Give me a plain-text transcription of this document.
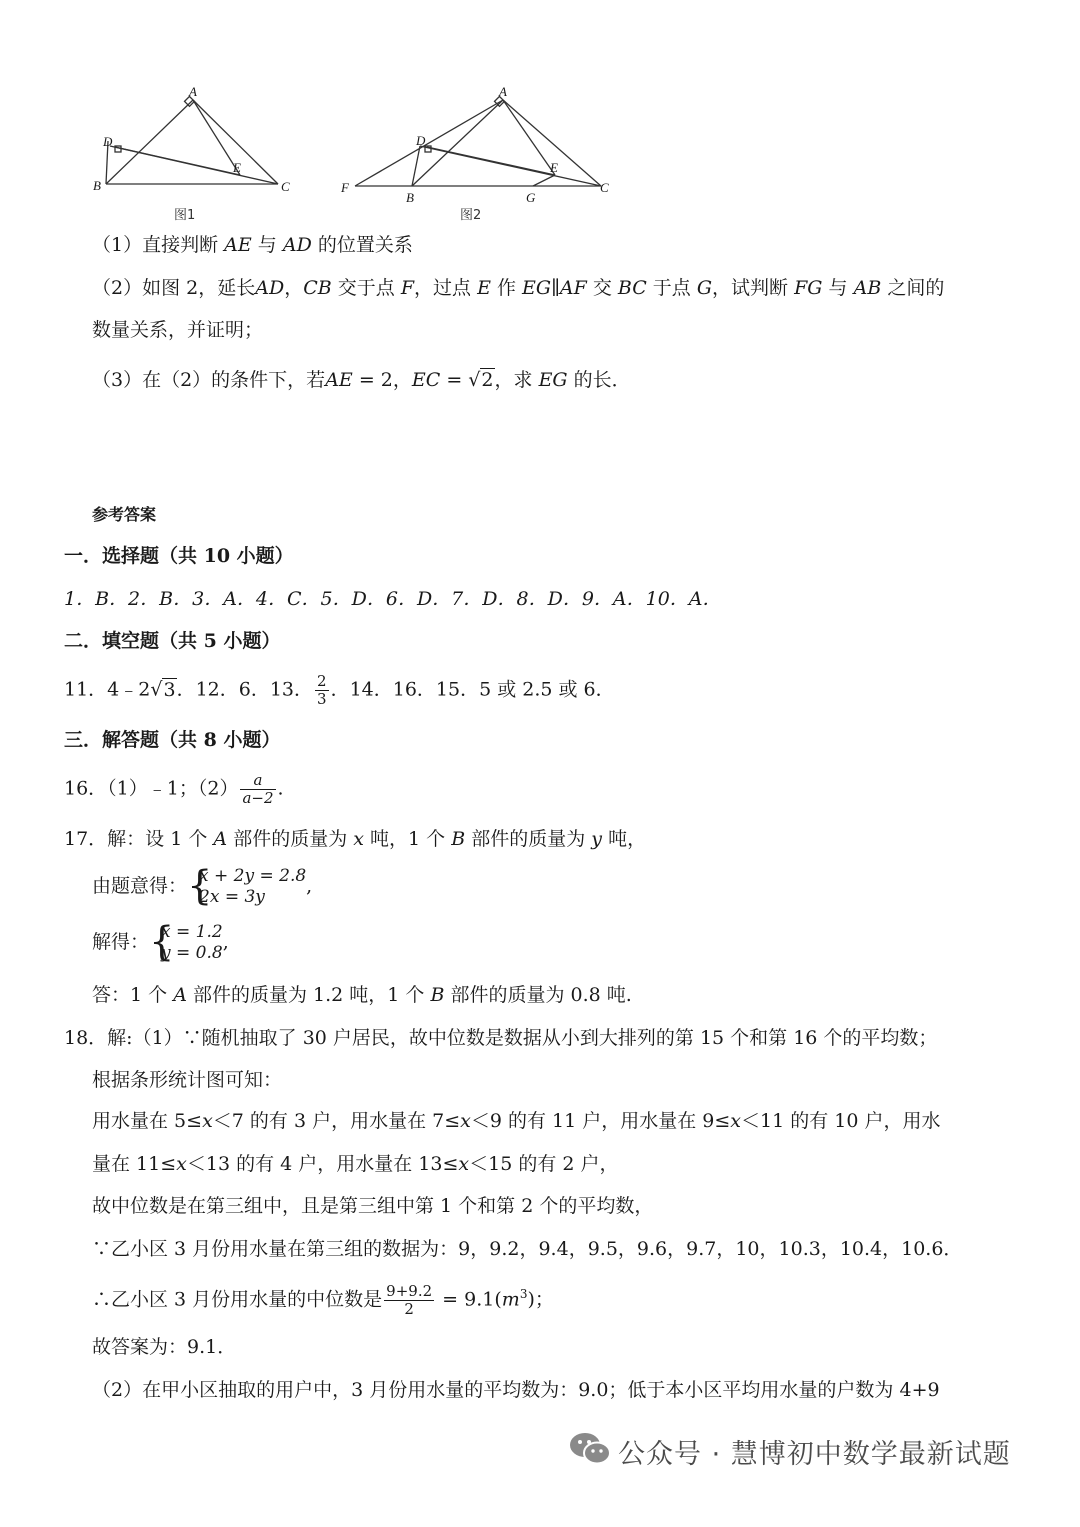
A
D
B
E
C
图1
A
D
F
B	G
E
C
图2
（1）直接判断 AE 与 AD 的位置关系
（2）如图 2，延长AD，CB 交于点 F，过点 E 作 EG∥AF 交 BC 于点 G，试判断 FG 与 AB 之间的
数量关系，并证明；
（3）在（2）的条件下，若AE = 2，EC = √2，求 EG 的长．
参考答案
一．选择题（共 10 小题）
1．B．2．B．3．A．4．C．5．D．6．D．7．D．8．D．9．A．10．A．
二．填空题（共 5 小题）
11．4﹣2√3．12．6．13． $\frac{2}{3}$ ．14．16．15．5 或 2.5 或 6．
三．解答题（共 8 小题）
16．（1）﹣1；$(2) \frac{a}{a-2}$ .
17．解：设 1 个 A 部件的质量为 x 吨，1 个 B 部件的质量为 y 吨，
由题意得： {
x + 2y = 2.8
2x = 3y	,
解得： {
x = 1.2
y = 0.8 ,
答：1 个 A 部件的质量为 1.2 吨，1 个 B 部件的质量为 0.8 吨.
18．解:（1）∵随机抽取了 30 户居民，故中位数是数据从小到大排列的第 15 个和第 16 个的平均数；
根据条形统计图可知：
用水量在 5≤x＜7 的有 3 户，用水量在 7≤x＜9 的有 11 户，用水量在 9≤x＜11 的有 10 户，用水
量在 11≤x＜13 的有 4 户，用水量在 13≤x＜15 的有 2 户，
故中位数是在第三组中，且是第三组中第 1 个和第 2 个的平均数，
∵乙小区 3 月份用水量在第三组的数据为：9，9.2，9.4，9.5，9.6，9.7，10，10.3，10.4，10.6．
∴乙小区 3 月份用水量的中位数是 $\frac{9+9.2}{2} = 9.1(m^3)$；
故答案为：9.1．
（2）在甲小区抽取的用户中，3 月份用水量的平均数为：9.0；低于本小区平均用水量的户数为 4+9
公众号 · 慧博初中数学最新试题
